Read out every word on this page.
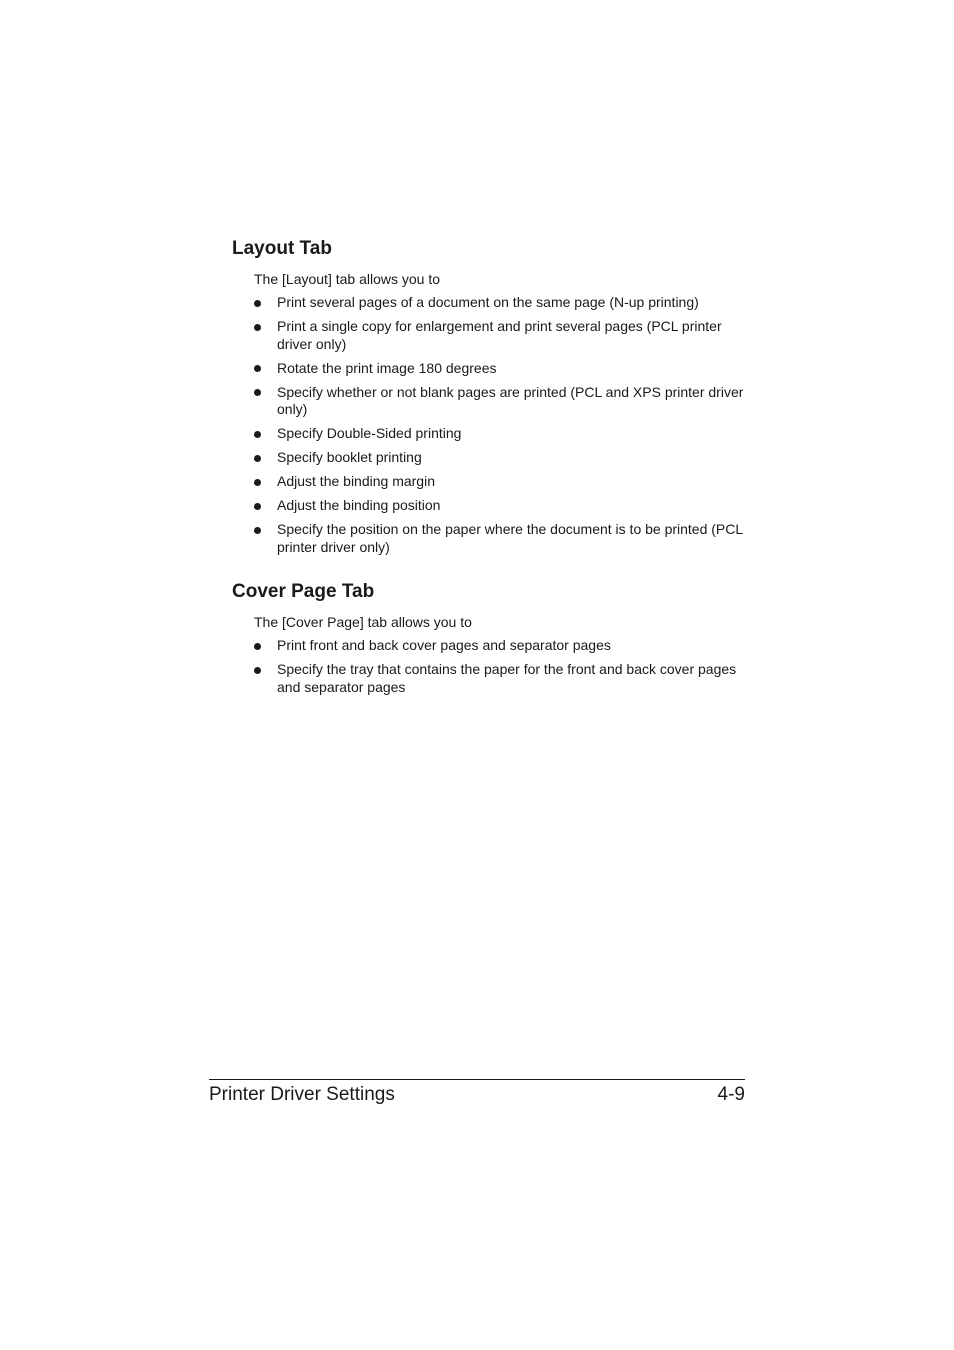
Layout Tab

The [Layout] tab allows you to

Print several pages of a document on the same page (N-up printing)
Print a single copy for enlargement and print several pages (PCL printer driver only)
Rotate the print image 180 degrees
Specify whether or not blank pages are printed (PCL and XPS printer driver only)
Specify Double-Sided printing
Specify booklet printing
Adjust the binding margin
Adjust the binding position
Specify the position on the paper where the document is to be printed (PCL printer driver only)
Cover Page Tab

The [Cover Page] tab allows you to

Print front and back cover pages and separator pages
Specify the tray that contains the paper for the front and back cover pages and separator pages
Printer Driver Settings	4-9
